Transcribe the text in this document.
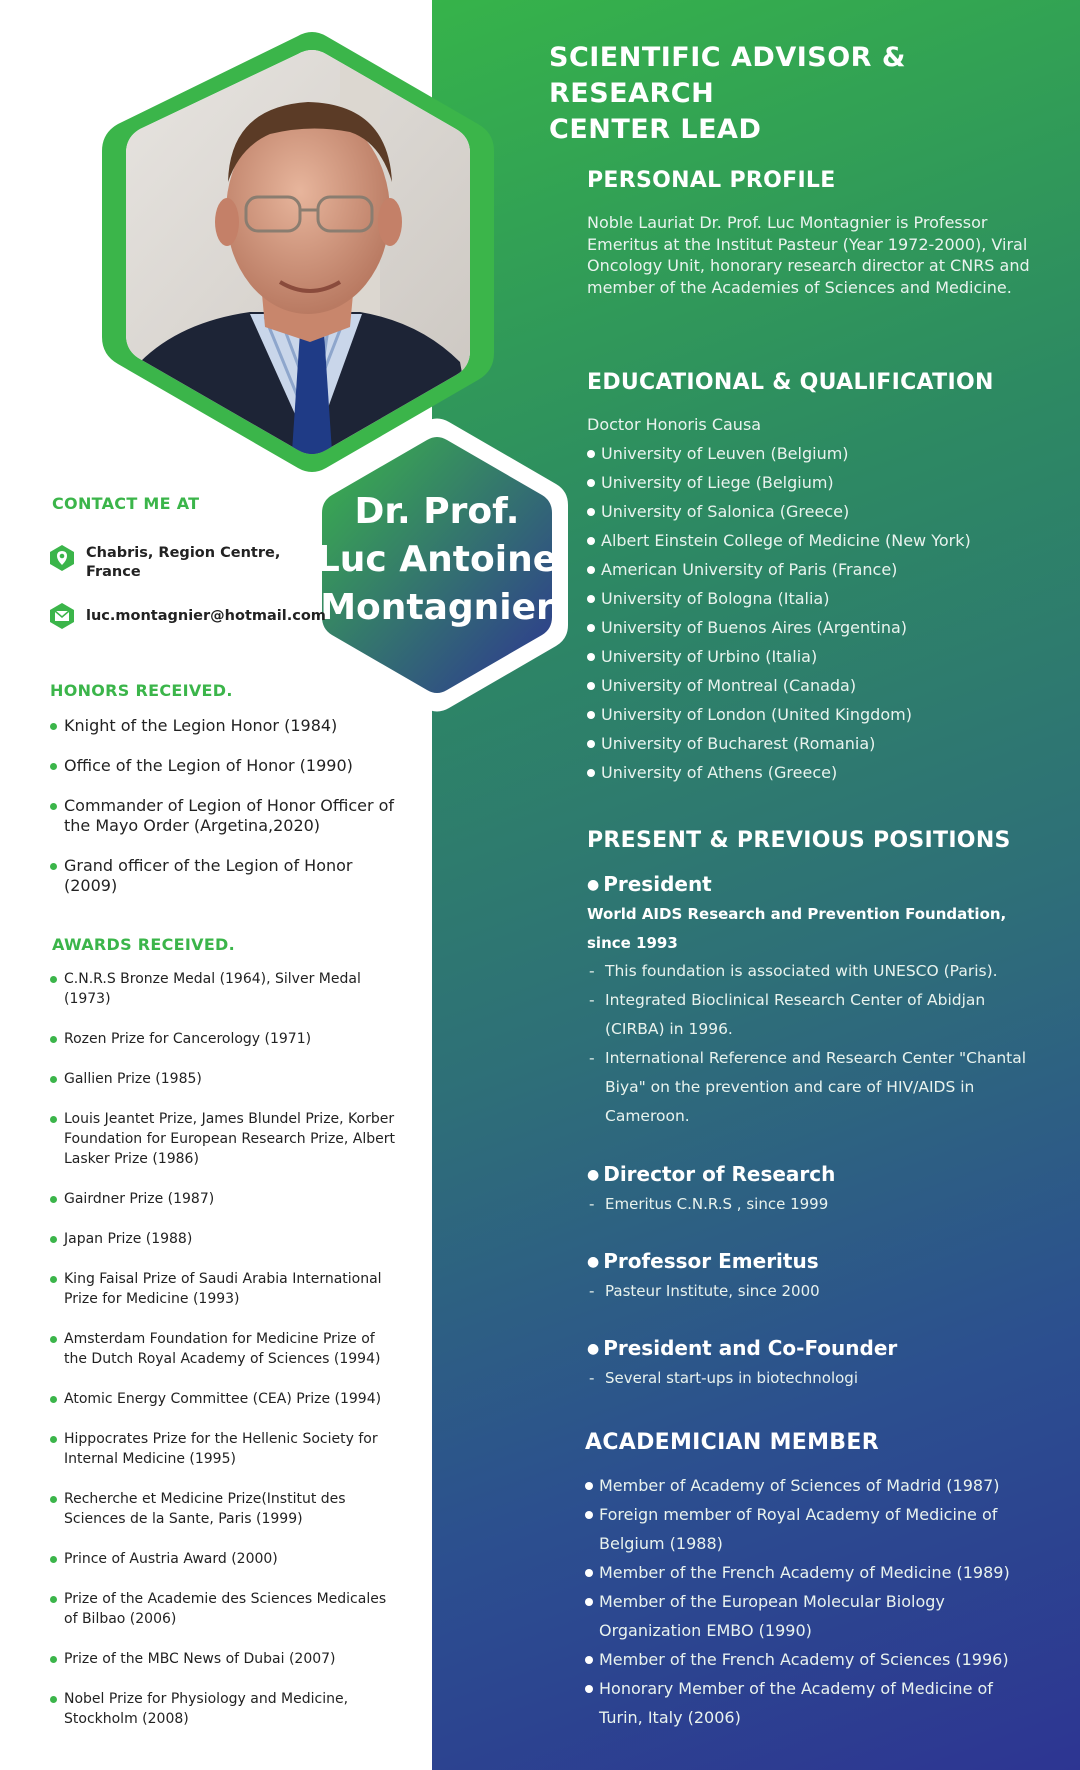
Dr. Prof.
Luc Antoine
Montagnier
CONTACT ME AT
Chabris, Region Centre,
France
luc.montagnier@hotmail.com
HONORS RECEIVED.
Knight of the Legion Honor (1984)
Office of the Legion of Honor (1990)
Commander of Legion of Honor Officer of the Mayo Order (Argetina,2020)
Grand officer of the Legion of Honor (2009)
AWARDS RECEIVED.
C.N.R.S Bronze Medal (1964), Silver Medal (1973)
Rozen Prize for Cancerology (1971)
Gallien Prize (1985)
Louis Jeantet Prize, James Blundel Prize, Korber Foundation for European Research Prize, Albert Lasker Prize (1986)
Gairdner Prize (1987)
Japan Prize (1988)
King Faisal Prize of Saudi Arabia International Prize for Medicine (1993)
Amsterdam Foundation for Medicine Prize of the Dutch Royal Academy of Sciences (1994)
Atomic Energy Committee (CEA) Prize (1994)
Hippocrates Prize for the Hellenic Society for Internal Medicine (1995)
Recherche et Medicine Prize(Institut des Sciences de la Sante, Paris (1999)
Prince of Austria Award (2000)
Prize of the Academie des Sciences Medicales of Bilbao (2006)
Prize of the MBC News of Dubai (2007)
Nobel Prize for Physiology and Medicine, Stockholm (2008)
SCIENTIFIC ADVISOR & RESEARCH
CENTER LEAD
PERSONAL PROFILE
Noble Lauriat Dr. Prof. Luc Montagnier is Professor Emeritus at the Institut Pasteur (Year 1972-2000), Viral Oncology Unit, honorary research director at CNRS and member of the Academies of Sciences and Medicine.
EDUCATIONAL & QUALIFICATION
Doctor Honoris Causa
University of Leuven (Belgium)
University of Liege (Belgium)
University of Salonica (Greece)
Albert Einstein College of Medicine (New York)
American University of Paris (France)
University of Bologna (Italia)
University of Buenos Aires (Argentina)
University of Urbino (Italia)
University of Montreal (Canada)
University of London (United Kingdom)
University of Bucharest (Romania)
University of Athens (Greece)
PRESENT & PREVIOUS POSITIONS
● President
World AIDS Research and Prevention Foundation, since 1993
- This foundation is associated with UNESCO (Paris).
- Integrated Bioclinical Research Center of Abidjan (CIRBA) in 1996.
- International Reference and Research Center "Chantal Biya" on the prevention and care of HIV/AIDS in Cameroon.
● Director of Research
- Emeritus C.N.R.S , since 1999
● Professor Emeritus
- Pasteur Institute, since 2000
● President and Co-Founder
- Several start-ups in biotechnologi
ACADEMICIAN MEMBER
Member of Academy of Sciences of Madrid (1987)
Foreign member of Royal Academy of Medicine of Belgium (1988)
Member of the French Academy of Medicine (1989)
Member of the European Molecular Biology Organization EMBO (1990)
Member of the French Academy of Sciences (1996)
Honorary Member of the Academy of Medicine of Turin, Italy (2006)
